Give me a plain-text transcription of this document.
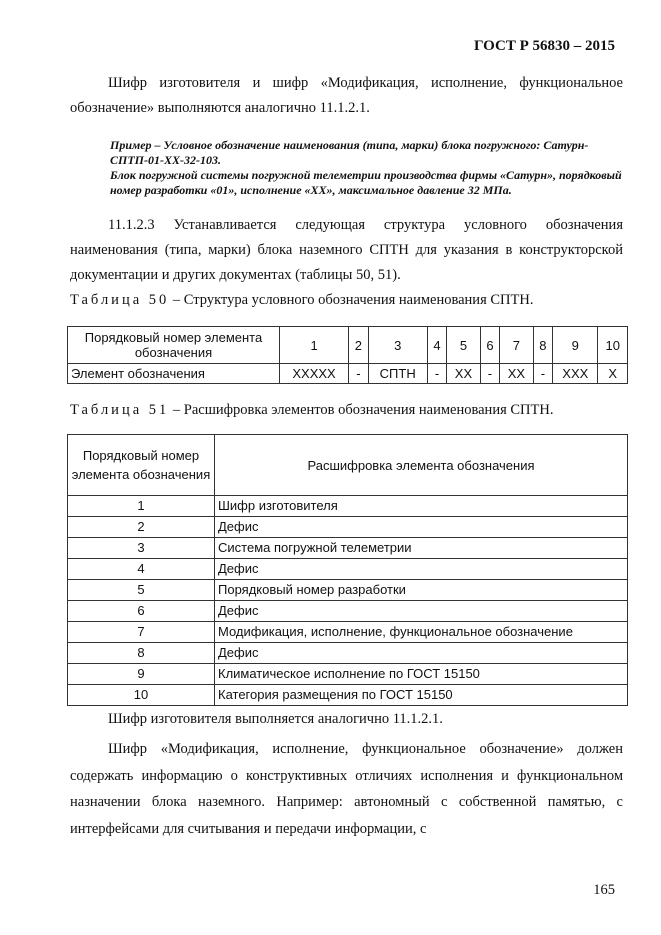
ГОСТ Р 56830 – 2015
Шифр изготовителя и шифр «Модификация, исполнение, функциональное обозначение» выполняются аналогично 11.1.2.1.
Пример – Условное обозначение наименования (типа, марки) блока погружного: Сатурн-СПТП-01-ХХ-32-103.
Блок погружной системы погружной телеметрии производства фирмы «Сатурн», порядковый номер разработки «01», исполнение «ХХ», максимальное давление 32 МПа.
11.1.2.3 Устанавливается следующая структура условного обозначения наименования (типа, марки) блока наземного СПТН для указания в конструкторской документации и других документах (таблицы 50, 51).
Таблица 50 – Структура условного обозначения наименования СПТН.
Порядковый номер элемента обозначения	1	2	3	4	5	6	7	8	9	10
Элемент обозначения	XXXXX	-	СПТН	-	XX	-	XX	-	XXX	X
Таблица 51 – Расшифровка элементов обозначения наименования СПТН.
Порядковый номер элемента обозначения	Расшифровка элемента обозначения
1	Шифр изготовителя
2	Дефис
3	Система погружной телеметрии
4	Дефис
5	Порядковый номер разработки
6	Дефис
7	Модификация, исполнение, функциональное обозначение
8	Дефис
9	Климатическое исполнение по ГОСТ 15150
10	Категория размещения по ГОСТ 15150
Шифр изготовителя выполняется аналогично 11.1.2.1.
Шифр «Модификация, исполнение, функциональное обозначение» должен содержать информацию о конструктивных отличиях исполнения и функциональном назначении блока наземного. Например: автономный с собственной памятью, с интерфейсами для считывания и передачи информации, с
165
